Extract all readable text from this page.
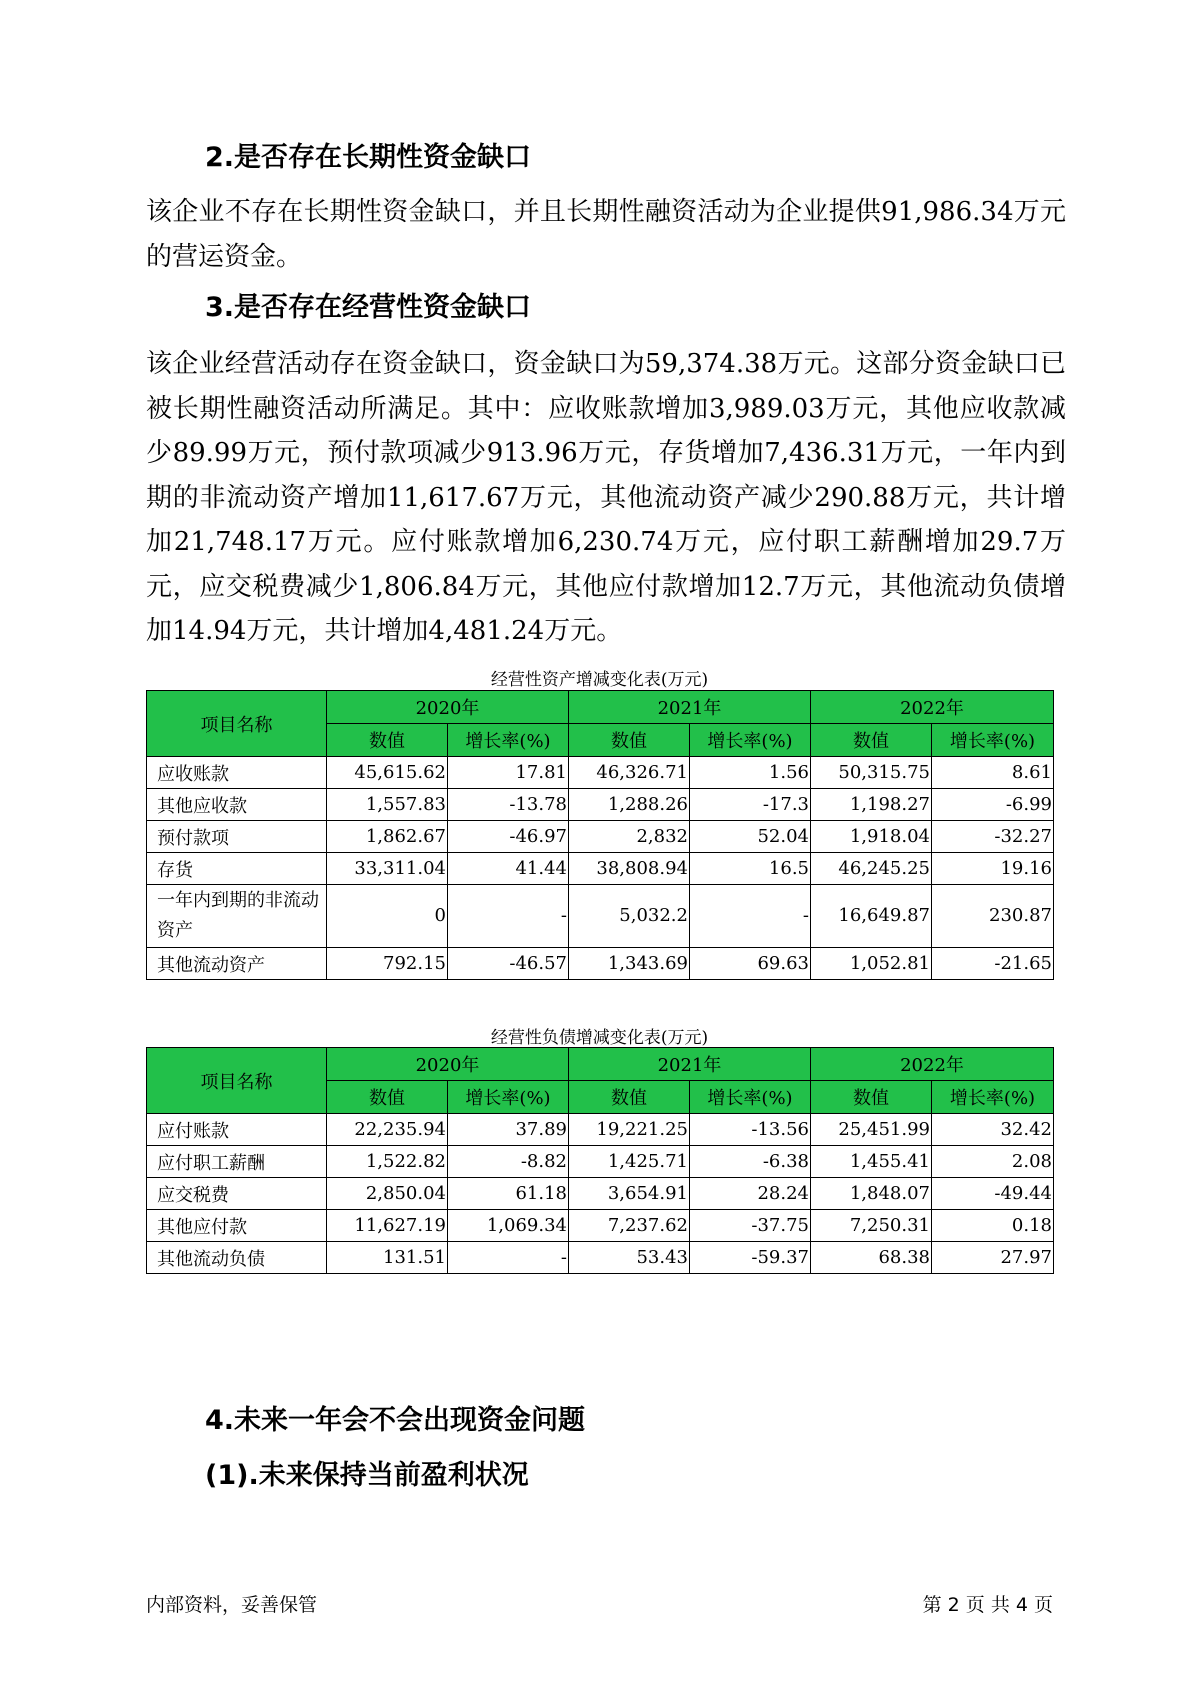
2.是否存在长期性资金缺口

该企业不存在长期性资金缺口，并且长期性融资活动为企业提供91,986.34万元的营运资金。

3.是否存在经营性资金缺口

该企业经营活动存在资金缺口，资金缺口为59,374.38万元。这部分资金缺口已被长期性融资活动所满足。其中：应收账款增加3,989.03万元，其他应收款减少89.99万元，预付款项减少913.96万元，存货增加7,436.31万元，一年内到期的非流动资产增加11,617.67万元，其他流动资产减少290.88万元，共计增加21,748.17万元。应付账款增加6,230.74万元，应付职工薪酬增加29.7万元，应交税费减少1,806.84万元，其他应付款增加12.7万元，其他流动负债增加14.94万元，共计增加4,481.24万元。

经营性资产增减变化表(万元)

项目名称	2020年		2021年		2022年	
	数值	增长率(%)	数值	增长率(%)	数值	增长率(%)
应收账款	45,615.62	17.81	46,326.71	1.56	50,315.75	8.61
其他应收款	1,557.83	-13.78	1,288.26	-17.3	1,198.27	-6.99
预付款项	1,862.67	-46.97	2,832	52.04	1,918.04	-32.27
存货	33,311.04	41.44	38,808.94	16.5	46,245.25	19.16
一年内到期的非流动资产	0	-	5,032.2	-	16,649.87	230.87
其他流动资产	792.15	-46.57	1,343.69	69.63	1,052.81	-21.65

经营性负债增减变化表(万元)

项目名称	2020年		2021年		2022年	
	数值	增长率(%)	数值	增长率(%)	数值	增长率(%)
应付账款	22,235.94	37.89	19,221.25	-13.56	25,451.99	32.42
应付职工薪酬	1,522.82	-8.82	1,425.71	-6.38	1,455.41	2.08
应交税费	2,850.04	61.18	3,654.91	28.24	1,848.07	-49.44
其他应付款	11,627.19	1,069.34	7,237.62	-37.75	7,250.31	0.18
其他流动负债	131.51	-	53.43	-59.37	68.38	27.97
4.未来一年会不会出现资金问题
(1).未来保持当前盈利状况
内部资料，妥善保管	第 2 页 共 4 页
